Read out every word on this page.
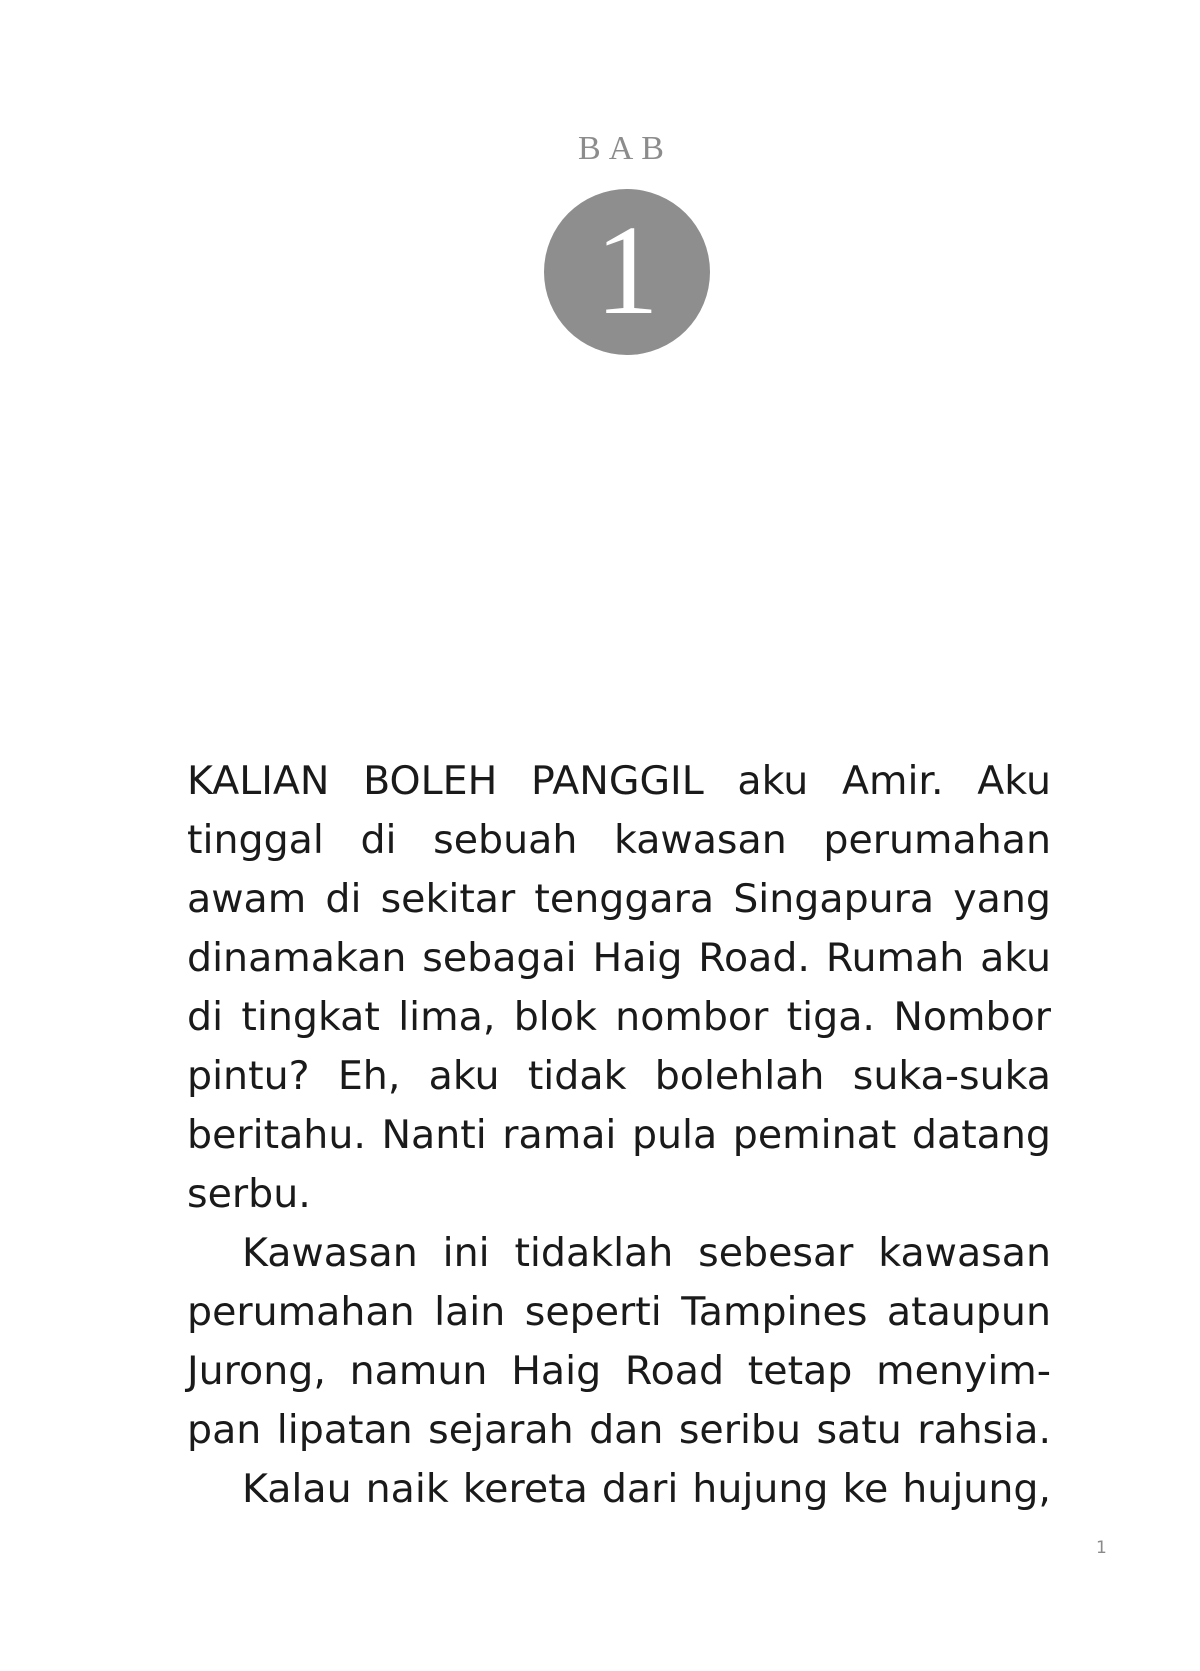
BAB
1
KALIAN BOLEH PANGGIL aku Amir. Aku
tinggal di sebuah kawasan perumahan
awam di sekitar tenggara Singapura yang
dinamakan sebagai Haig Road. Rumah aku
di tingkat lima, blok nombor tiga. Nombor
pintu? Eh, aku tidak bolehlah suka-suka
beritahu. Nanti ramai pula peminat datang
serbu.
Kawasan ini tidaklah sebesar kawasan
perumahan lain seperti Tampines ataupun
Jurong, namun Haig Road tetap menyim-
pan lipatan sejarah dan seribu satu rahsia.
Kalau naik kereta dari hujung ke hujung,
1
